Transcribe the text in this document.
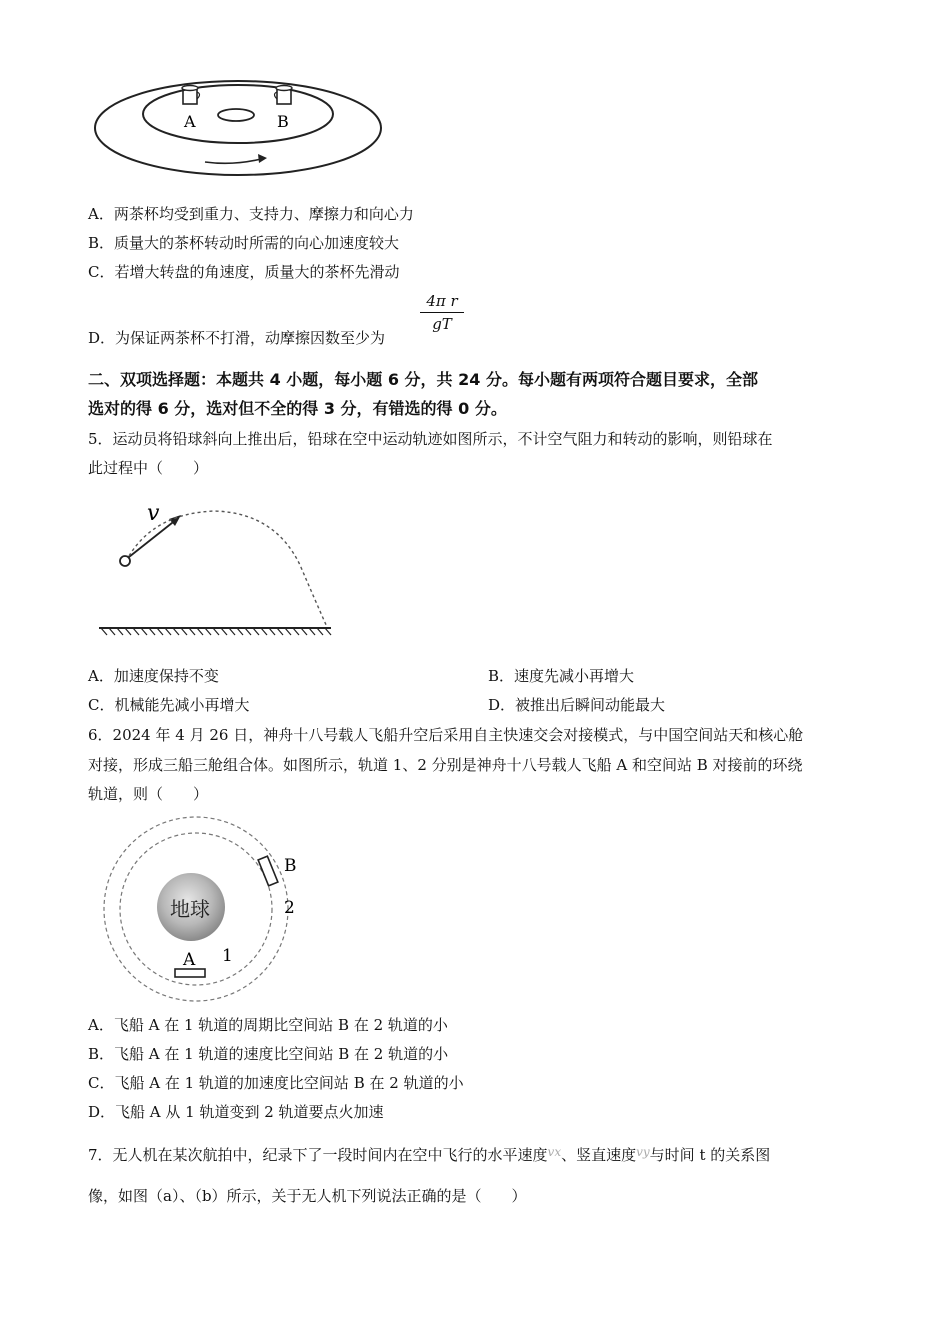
A	B
A．两茶杯均受到重力、支持力、摩擦力和向心力
B．质量大的茶杯转动时所需的向心加速度较大
C．若增大转盘的角速度，质量大的茶杯先滑动
D．为保证两茶杯不打滑，动摩擦因数至少为
$\frac{\text{4π r}}{gT}$
二、双项选择题：本题共 4 小题，每小题 6 分，共 24 分。每小题有两项符合题目要求，全部
选对的得 6 分，选对但不全的得 3 分，有错选的得 0 分。
5．运动员将铅球斜向上推出后，铅球在空中运动轨迹如图所示，不计空气阻力和转动的影响，则铅球在
此过程中（　　）
v
A．加速度保持不变	B．速度先减小再增大
C．机械能先减小再增大	D．被推出后瞬间动能最大
6．2024 年 4 月 26 日，神舟十八号载人飞船升空后采用自主快速交会对接模式，与中国空间站天和核心舱
对接，形成三船三舱组合体。如图所示，轨道 1、2 分别是神舟十八号载人飞船 A 和空间站 B 对接前的环绕
轨道，则（　　）
地球
A
B
1
2
A．飞船 A 在 1 轨道的周期比空间站 B 在 2 轨道的小
B．飞船 A 在 1 轨道的速度比空间站 B 在 2 轨道的小
C．飞船 A 在 1 轨道的加速度比空间站 B 在 2 轨道的小
D．飞船 A 从 1 轨道变到 2 轨道要点火加速
7．无人机在某次航拍中，纪录下了一段时间内在空中飞行的水平速度$^{vx}$、竖直速度$^{vy}$与时间 t 的关系图
像，如图（a）、（b）所示，关于无人机下列说法正确的是（　　）
